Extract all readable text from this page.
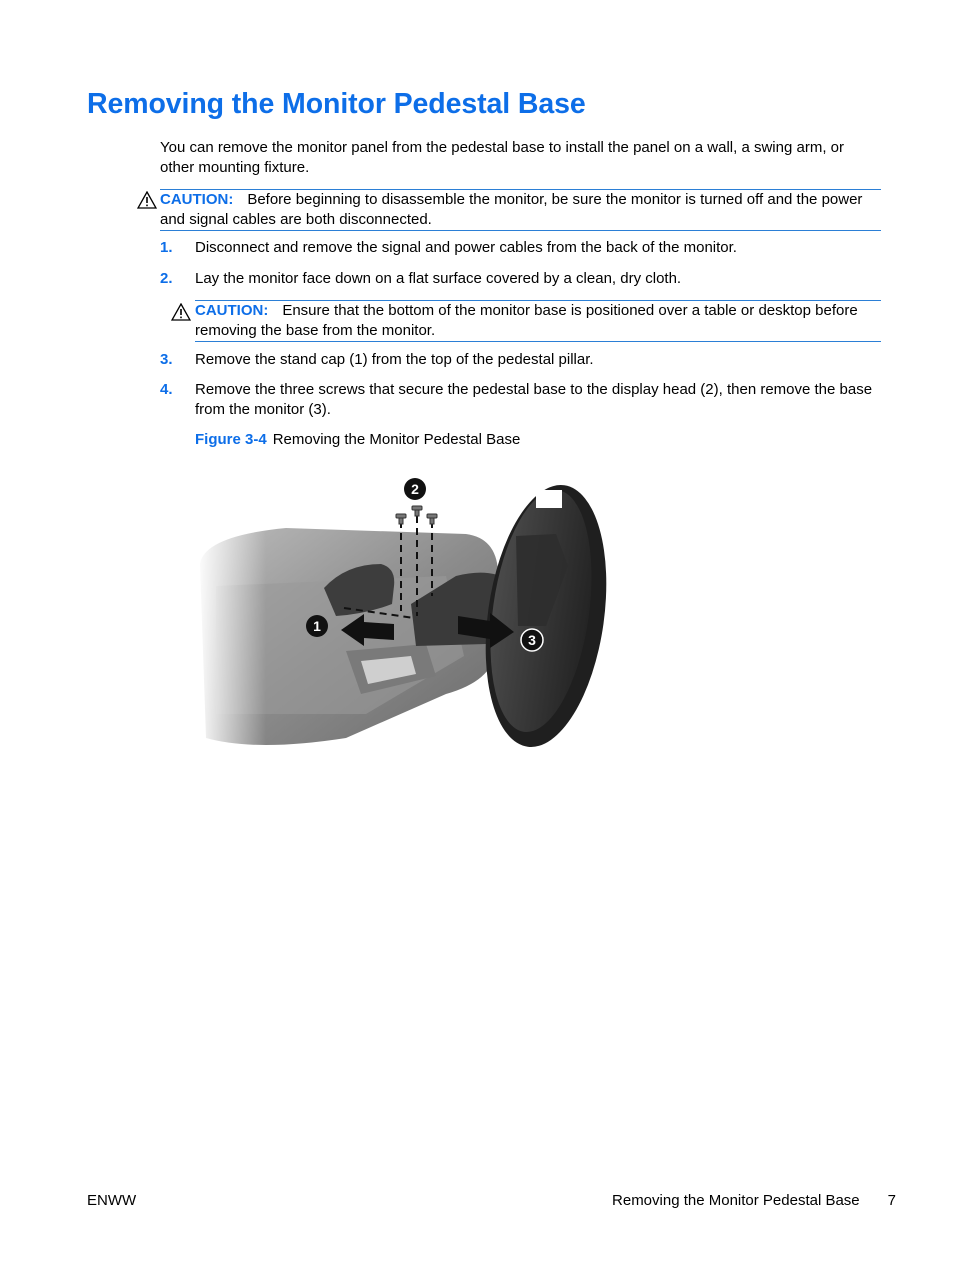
Removing the Monitor Pedestal Base

You can remove the monitor panel from the pedestal base to install the panel on a wall, a swing arm, or other mounting fixture.

CAUTION: Before beginning to disassemble the monitor, be sure the monitor is turned off and the power and signal cables are both disconnected.
1. Disconnect and remove the signal and power cables from the back of the monitor.
2. Lay the monitor face down on a flat surface covered by a clean, dry cloth.
CAUTION: Ensure that the bottom of the monitor base is positioned over a table or desktop before removing the base from the monitor.
3. Remove the stand cap (1) from the top of the pedestal pillar.
4. Remove the three screws that secure the pedestal base to the display head (2), then remove the base from the monitor (3).
Figure 3-4 Removing the Monitor Pedestal Base
1
2
3
ENWW	Removing the Monitor Pedestal Base 7
